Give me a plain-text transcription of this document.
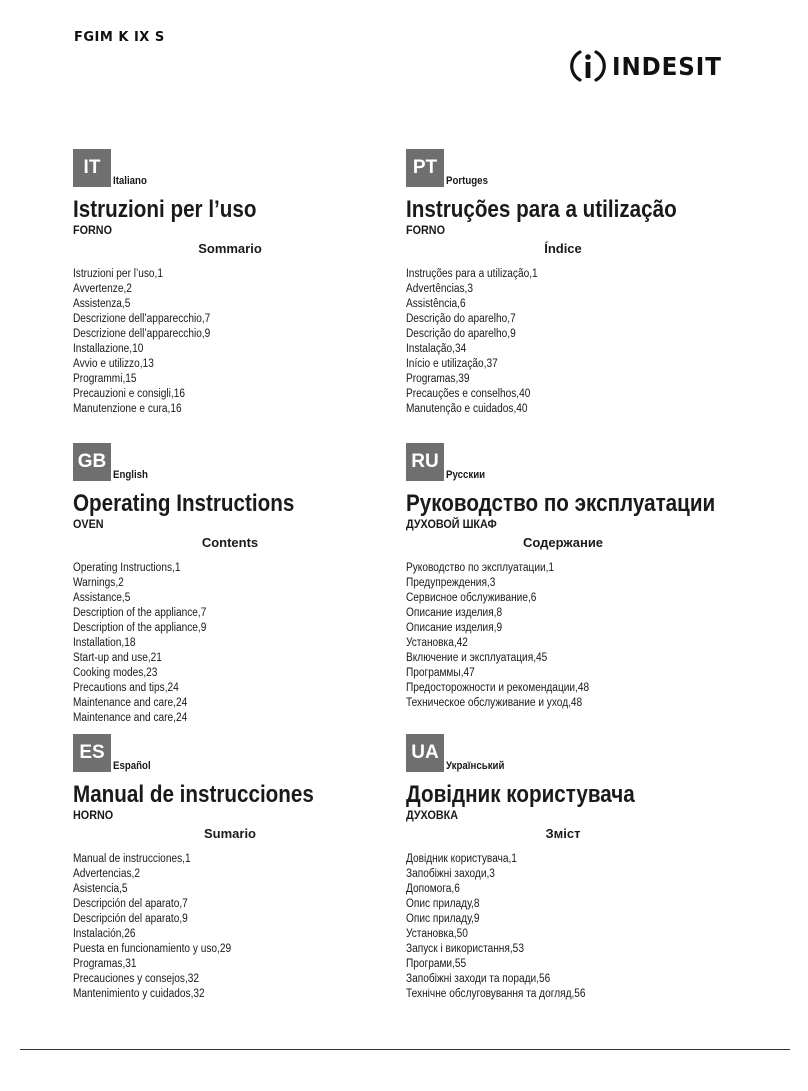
FGIM K IX S
INDESIT
IT
Italiano
Istruzioni per l’uso
FORNO
Sommario
Istruzioni per l’uso,1
Avvertenze,2
Assistenza,5
Descrizione dell’apparecchio,7
Descrizione dell’apparecchio,9
Installazione,10
Avvio e utilizzo,13
Programmi,15
Precauzioni e consigli,16
Manutenzione e cura,16
PT
Portuges
Instruções para a utilização
FORNO
Índice
Instruções para a utilização,1
Advertências,3
Assistência,6
Descrição do aparelho,7
Descrição do aparelho,9
Instalação,34
Início e utilização,37
Programas,39
Precauções e conselhos,40
Manutenção e cuidados,40
GB
English
Operating Instructions
OVEN
Contents
Operating Instructions,1
Warnings,2
Assistance,5
Description of the appliance,7
Description of the appliance,9
Installation,18
Start-up and use,21
Cooking modes,23
Precautions and tips,24
Maintenance and care,24
Maintenance and care,24
RU
Русскии
Руководство по эксплуатации
ДУХОВОЙ ШКАФ
Содержание
Руководство по эксплуатации,1
Предупреждения,3
Сервисное обслуживание,6
Описание изделия,8
Описание изделия,9
Установка,42
Включение и эксплуатация,45
Программы,47
Предосторожности и рекомендации,48
Техническое обслуживание и уход,48
ES
Español
Manual de instrucciones
HORNO
Sumario
Manual de instrucciones,1
Advertencias,2
Asistencia,5
Descripción del aparato,7
Descripción del aparato,9
Instalación,26
Puesta en funcionamiento y uso,29
Programas,31
Precauciones y consejos,32
Mantenimiento y cuidados,32
UA
Український
Довідник користувача
ДУХОВКА
Зміст
Довідник користувача,1
Запобіжні заходи,3
Допомога,6
Опис приладу,8
Опис приладу,9
Установка,50
Запуск і використання,53
Програми,55
Запобіжні заходи та поради,56
Технічне обслуговування та догляд,56
